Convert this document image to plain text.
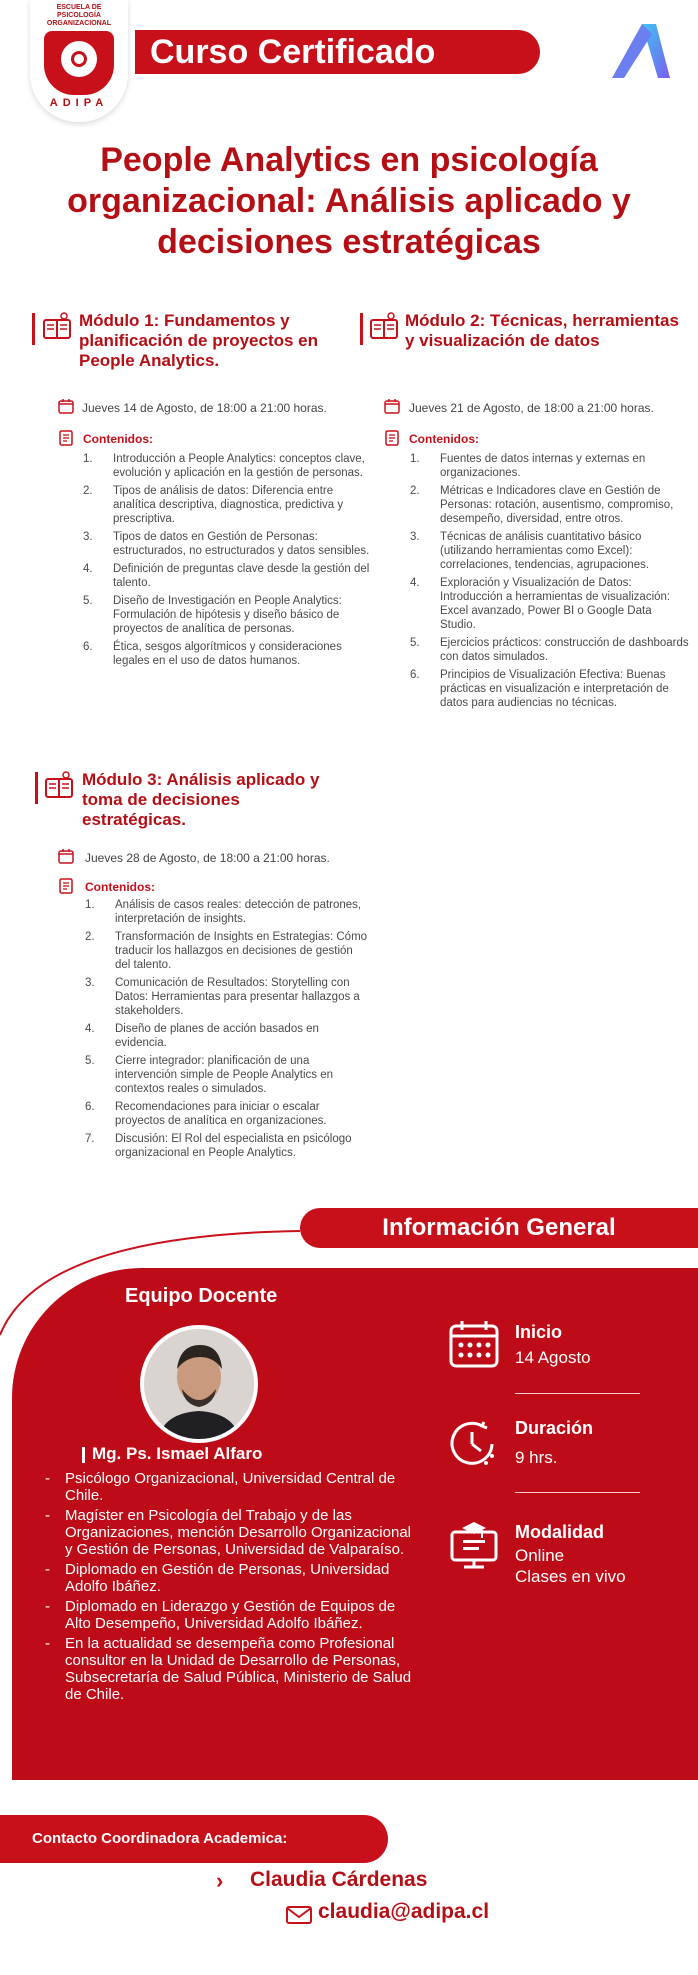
ESCUELA DE PSICOLOGÍA ORGANIZACIONAL
ADIPA
Curso Certificado
People Analytics en psicología organizacional: Análisis aplicado y decisiones estratégicas
Módulo 1: Fundamentos y planificación de proyectos en People Analytics.
Jueves 14 de Agosto, de 18:00 a 21:00 horas.
Contenidos:
1. Introducción a People Analytics: conceptos clave, evolución y aplicación en la gestión de personas.
2. Tipos de análisis de datos: Diferencia entre analítica descriptiva, diagnostica, predictiva y prescriptiva.
3. Tipos de datos en Gestión de Personas: estructurados, no estructurados y datos sensibles.
4. Definición de preguntas clave desde la gestión del talento.
5. Diseño de Investigación en People Analytics: Formulación de hipótesis y diseño básico de proyectos de analítica de personas.
6. Ética, sesgos algorítmicos y consideraciones legales en el uso de datos humanos.
Módulo 2: Técnicas, herramientas y visualización de datos
Jueves 21 de Agosto, de 18:00 a 21:00 horas.
Contenidos:
1. Fuentes de datos internas y externas en organizaciones.
2. Métricas e Indicadores clave en Gestión de Personas: rotación, ausentismo, compromiso, desempeño, diversidad, entre otros.
3. Técnicas de análisis cuantitativo básico (utilizando herramientas como Excel): correlaciones, tendencias, agrupaciones.
4. Exploración y Visualización de Datos: Introducción a herramientas de visualización: Excel avanzado, Power BI o Google Data Studio.
5. Ejercicios prácticos: construcción de dashboards con datos simulados.
6. Principios de Visualización Efectiva: Buenas prácticas en visualización e interpretación de datos para audiencias no técnicas.
Módulo 3: Análisis aplicado y toma de decisiones estratégicas.
Jueves 28 de Agosto, de 18:00 a 21:00 horas.
Contenidos:
1. Análisis de casos reales: detección de patrones, interpretación de insights.
2. Transformación de Insights en Estrategias: Cómo traducir los hallazgos en decisiones de gestión del talento.
3. Comunicación de Resultados: Storytelling con Datos: Herramientas para presentar hallazgos a stakeholders.
4. Diseño de planes de acción basados en evidencia.
5. Cierre integrador: planificación de una intervención simple de People Analytics en contextos reales o simulados.
6. Recomendaciones para iniciar o escalar proyectos de analítica en organizaciones.
7. Discusión: El Rol del especialista en psicólogo organizacional en People Analytics.
Información General
Equipo Docente
Mg. Ps. Ismael Alfaro
- Psicólogo Organizacional, Universidad Central de Chile.
- Magíster en Psicología del Trabajo y de las Organizaciones, mención Desarrollo Organizacional y Gestión de Personas, Universidad de Valparaíso.
- Diplomado en Gestión de Personas, Universidad Adolfo Ibáñez.
- Diplomado en Liderazgo y Gestión de Equipos de Alto Desempeño, Universidad Adolfo Ibáñez.
- En la actualidad se desempeña como Profesional consultor en la Unidad de Desarrollo de Personas, Subsecretaría de Salud Pública, Ministerio de Salud de Chile.
Inicio
14 Agosto
Duración
9 hrs.
Modalidad
Online
Clases en vivo
Contacto Coordinadora Academica:
› Claudia Cárdenas
claudia@adipa.cl
